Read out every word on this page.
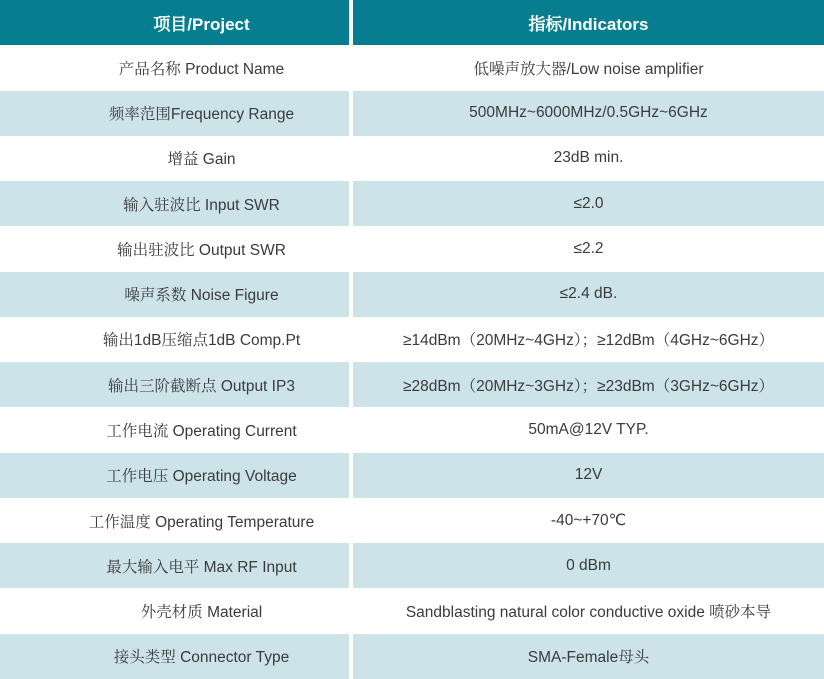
项目/Project	指标/Indicators
产品名称 Product Name	低噪声放大器/Low noise amplifier
频率范围Frequency Range	500MHz~6000MHz/0.5GHz~6GHz
增益 Gain	23dB min.
输入驻波比 Input SWR	≤2.0
输出驻波比 Output SWR	≤2.2
噪声系数 Noise Figure	≤2.4 dB.
输出1dB压缩点1dB Comp.Pt	≥14dBm（20MHz~4GHz）；≥12dBm（4GHz~6GHz）
输出三阶截断点 Output IP3	≥28dBm（20MHz~3GHz）；≥23dBm（3GHz~6GHz）
工作电流 Operating Current	50mA@12V TYP.
工作电压 Operating Voltage	12V
工作温度 Operating Temperature	-40~+70℃
最大输入电平 Max RF Input	0 dBm
外壳材质 Material	Sandblasting natural color conductive oxide 喷砂本导
接头类型 Connector Type	SMA-Female母头
